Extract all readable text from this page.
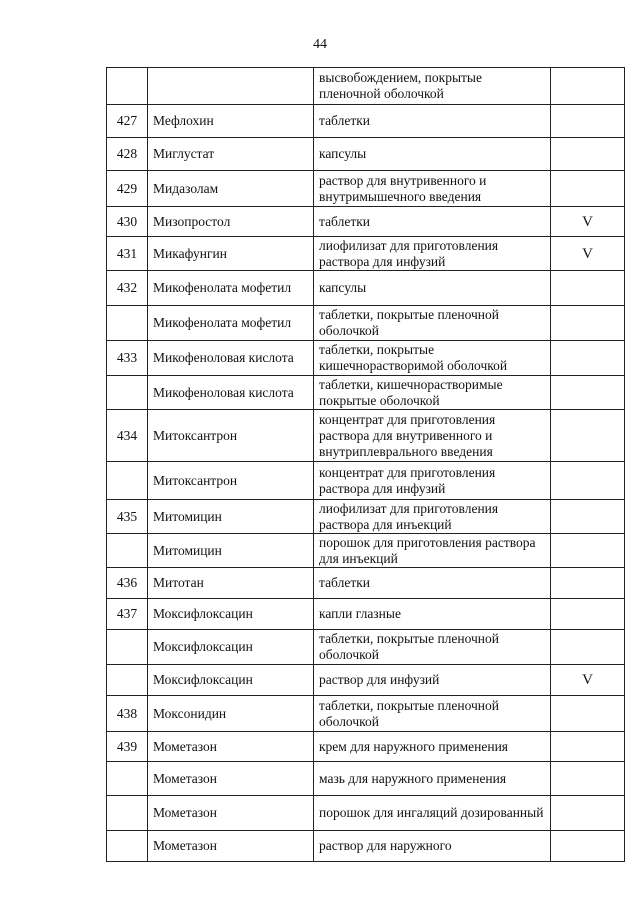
44
		высвобождением, покрытые пленочной оболочкой	
427	Мефлохин	таблетки	
428	Миглустат	капсулы	
429	Мидазолам	раствор для внутривенного и внутримышечного введения	
430	Мизопростол	таблетки	V
431	Микафунгин	лиофилизат для приготовления раствора для инфузий	V
432	Микофенолата мофетил	капсулы	
	Микофенолата мофетил	таблетки, покрытые пленочной оболочкой	
433	Микофеноловая кислота	таблетки, покрытые кишечнорастворимой оболочкой	
	Микофеноловая кислота	таблетки, кишечнорастворимые покрытые оболочкой	
434	Митоксантрон	концентрат для приготовления раствора для внутривенного и внутриплеврального введения	
	Митоксантрон	концентрат для приготовления раствора для инфузий	
435	Митомицин	лиофилизат для приготовления раствора для инъекций	
	Митомицин	порошок для приготовления раствора для инъекций	
436	Митотан	таблетки	
437	Моксифлоксацин	капли глазные	
	Моксифлоксацин	таблетки, покрытые пленочной оболочкой	
	Моксифлоксацин	раствор для инфузий	V
438	Моксонидин	таблетки, покрытые пленочной оболочкой	
439	Мометазон	крем для наружного применения	
	Мометазон	мазь для наружного применения	
	Мометазон	порошок для ингаляций дозированный	
	Мометазон	раствор для наружного	
